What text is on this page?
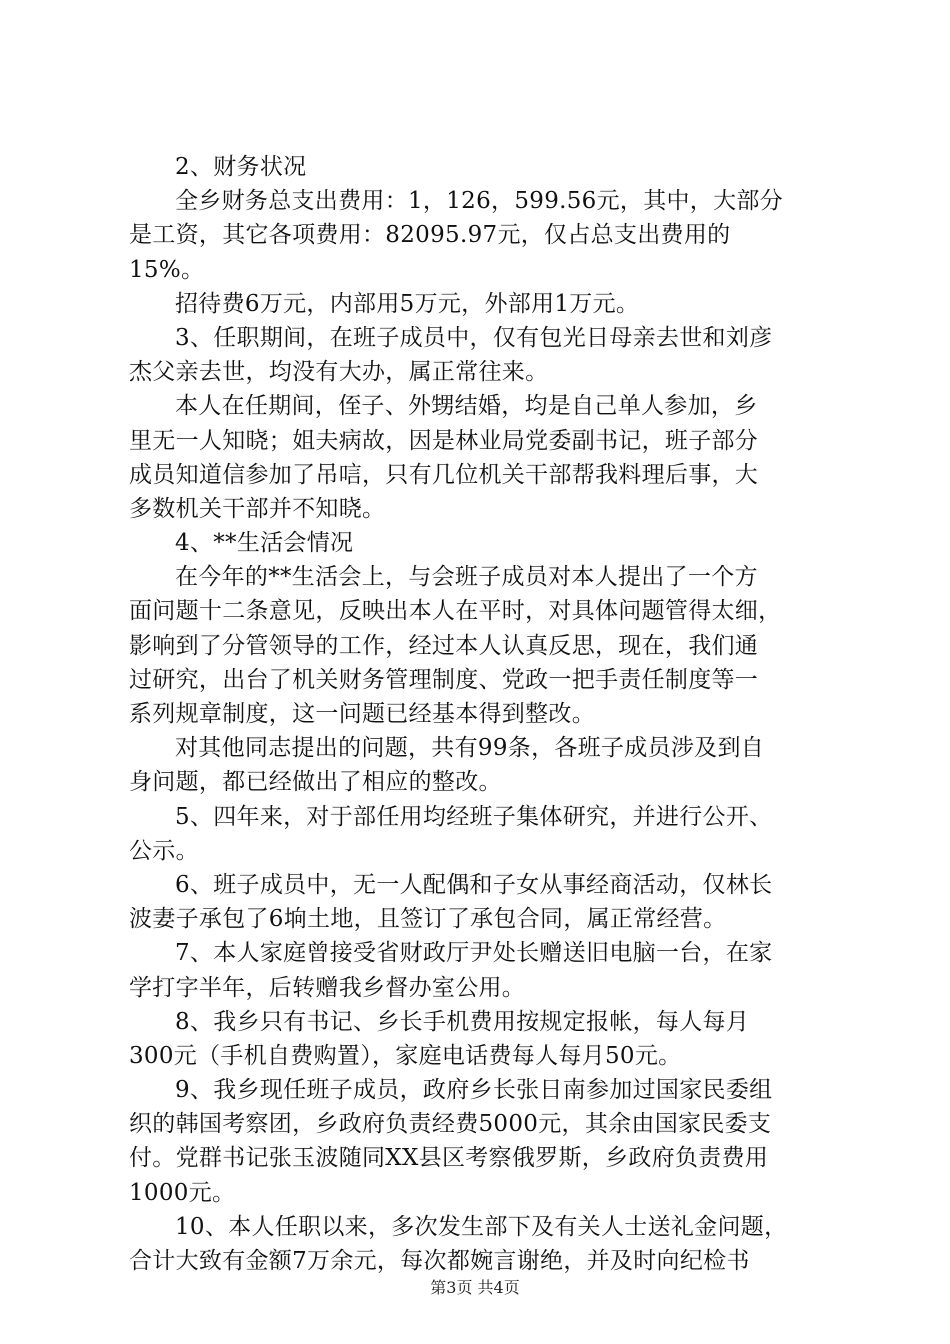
2、财务状况
全乡财务总支出费用：1，126，599.56元，其中，大部分
是工资，其它各项费用：82095.97元，仅占总支出费用的
15%。
招待费6万元，内部用5万元，外部用1万元。
3、任职期间，在班子成员中，仅有包光日母亲去世和刘彦
杰父亲去世，均没有大办，属正常往来。
本人在任期间，侄子、外甥结婚，均是自己单人参加，乡
里无一人知晓；姐夫病故，因是林业局党委副书记，班子部分
成员知道信参加了吊唁，只有几位机关干部帮我料理后事，大
多数机关干部并不知晓。
4、**生活会情况
在今年的**生活会上，与会班子成员对本人提出了一个方
面问题十二条意见，反映出本人在平时，对具体问题管得太细，
影响到了分管领导的工作，经过本人认真反思，现在，我们通
过研究，出台了机关财务管理制度、党政一把手责任制度等一
系列规章制度，这一问题已经基本得到整改。
对其他同志提出的问题，共有99条，各班子成员涉及到自
身问题，都已经做出了相应的整改。
5、四年来，对于部任用均经班子集体研究，并进行公开、
公示。
6、班子成员中，无一人配偶和子女从事经商活动，仅林长
波妻子承包了6垧土地，且签订了承包合同，属正常经营。
7、本人家庭曾接受省财政厅尹处长赠送旧电脑一台，在家
学打字半年，后转赠我乡督办室公用。
8、我乡只有书记、乡长手机费用按规定报帐，每人每月
300元（手机自费购置），家庭电话费每人每月50元。
9、我乡现任班子成员，政府乡长张日南参加过国家民委组
织的韩国考察团，乡政府负责经费5000元，其余由国家民委支
付。党群书记张玉波随同XX县区考察俄罗斯，乡政府负责费用
1000元。
10、本人任职以来，多次发生部下及有关人士送礼金问题，
合计大致有金额7万余元，每次都婉言谢绝，并及时向纪检书
第3页 共4页
